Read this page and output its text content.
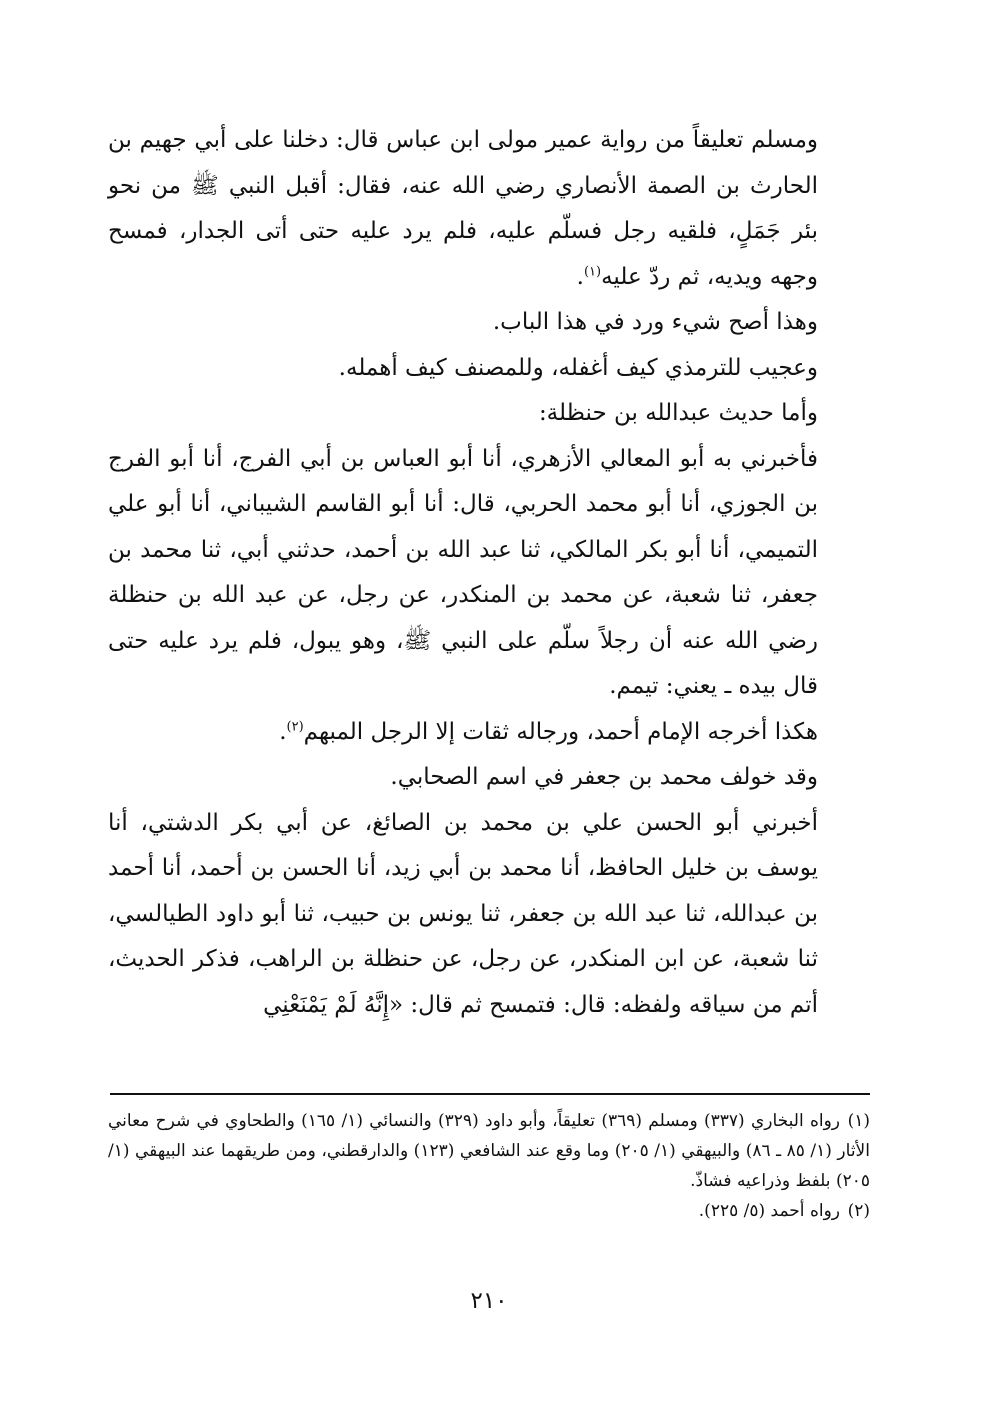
ومسلم تعليقاً من رواية عمير مولى ابن عباس قال: دخلنا على أبي جهيم بن الحارث بن الصمة الأنصاري رضي الله عنه، فقال: أقبل النبي ﷺ من نحو بئر جَمَلٍ، فلقيه رجل فسلّم عليه، فلم يرد عليه حتى أتى الجدار، فمسح وجهه ويديه، ثم ردّ عليه$^{(١)}$.

وهذا أصح شيء ورد في هذا الباب.

وعجيب للترمذي كيف أغفله، وللمصنف كيف أهمله.

وأما حديث عبدالله بن حنظلة:

فأخبرني به أبو المعالي الأزهري، أنا أبو العباس بن أبي الفرج، أنا أبو الفرج بن الجوزي، أنا أبو محمد الحربي، قال: أنا أبو القاسم الشيباني، أنا أبو علي التميمي، أنا أبو بكر المالكي، ثنا عبد الله بن أحمد، حدثني أبي، ثنا محمد بن جعفر، ثنا شعبة، عن محمد بن المنكدر، عن رجل، عن عبد الله بن حنظلة رضي الله عنه أن رجلاً سلّم على النبي ﷺ، وهو يبول، فلم يرد عليه حتى قال بيده ـ يعني: تيمم.

هكذا أخرجه الإمام أحمد، ورجاله ثقات إلا الرجل المبهم$^{(٢)}$.

وقد خولف محمد بن جعفر في اسم الصحابي.

أخبرني أبو الحسن علي بن محمد بن الصائغ، عن أبي بكر الدشتي، أنا يوسف بن خليل الحافظ، أنا محمد بن أبي زيد، أنا الحسن بن أحمد، أنا أحمد بن عبدالله، ثنا عبد الله بن جعفر، ثنا يونس بن حبيب، ثنا أبو داود الطيالسي، ثنا شعبة، عن ابن المنكدر، عن رجل، عن حنظلة بن الراهب، فذكر الحديث، أتم من سياقه ولفظه: قال: فتمسح ثم قال: «إِنَّهُ لَمْ يَمْنَعْنِي

(١)رواه البخاري (٣٣٧) ومسلم (٣٦٩) تعليقاً، وأبو داود (٣٢٩) والنسائي (١/ ١٦٥) والطحاوي في شرح معاني الأثار (١/ ٨٥ ـ ٨٦) والبيهقي (١/ ٢٠٥) وما وقع عند الشافعي (١٢٣) والدارقطني، ومن طريقهما عند البيهقي (١/ ٢٠٥) بلفظ وذراعيه فشاذّ.

(٢)رواه أحمد (٥/ ٢٢٥).

٢١٠
